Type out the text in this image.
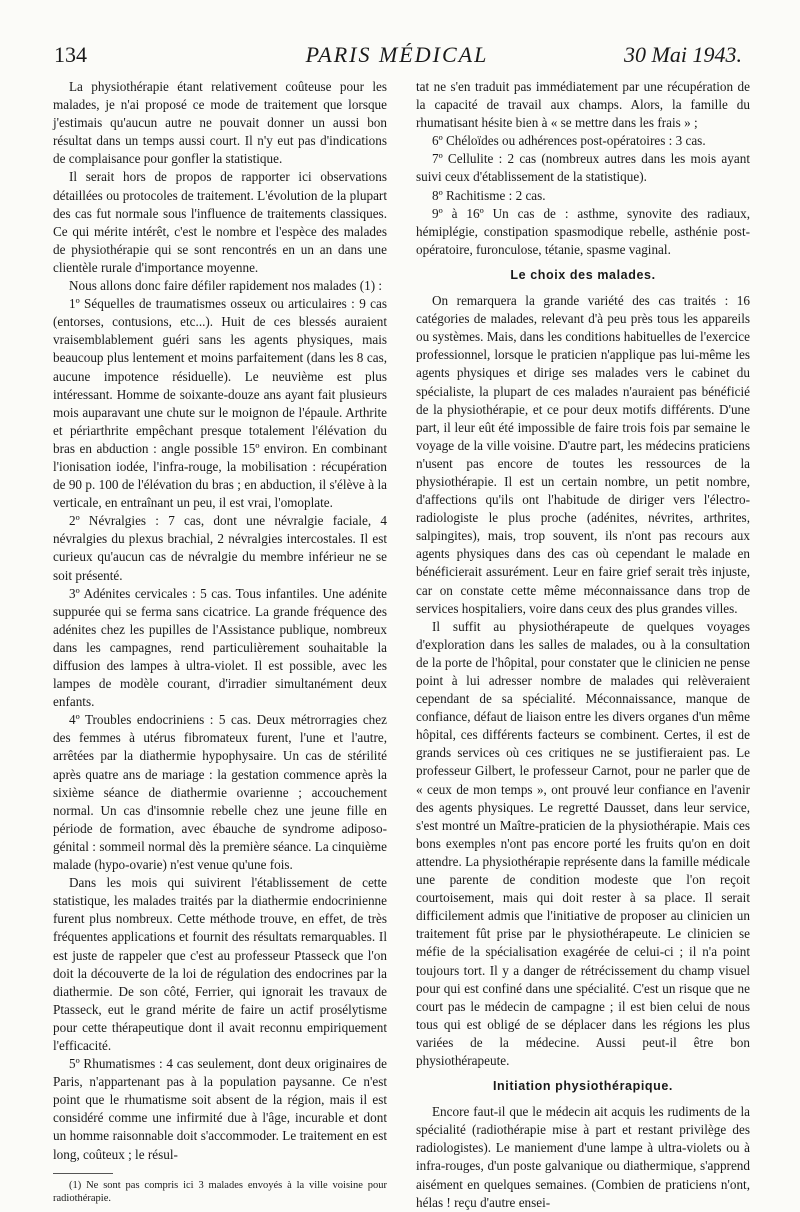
134	PARIS MÉDICAL	30 Mai 1943.

La physiothérapie étant relativement coûteuse pour les malades, je n'ai proposé ce mode de traitement que lorsque j'estimais qu'aucun autre ne pouvait donner un aussi bon résultat dans un temps aussi court. Il n'y eut pas d'indications de complaisance pour gonfler la statistique.

Il serait hors de propos de rapporter ici observations détaillées ou protocoles de traitement. L'évolution de la plupart des cas fut normale sous l'influence de traitements classiques. Ce qui mérite intérêt, c'est le nombre et l'espèce des malades de physiothérapie qui se sont rencontrés en un an dans une clientèle rurale d'importance moyenne.

Nous allons donc faire défiler rapidement nos malades (1) :

1º Séquelles de traumatismes osseux ou articulaires : 9 cas (entorses, contusions, etc...). Huit de ces blessés auraient vraisemblablement guéri sans les agents physiques, mais beaucoup plus lentement et moins parfaitement (dans les 8 cas, aucune impotence résiduelle). Le neuvième est plus intéressant. Homme de soixante-douze ans ayant fait plusieurs mois auparavant une chute sur le moignon de l'épaule. Arthrite et périarthrite empêchant presque totalement l'élévation du bras en abduction : angle possible 15º environ. En combinant l'ionisation iodée, l'infra-rouge, la mobilisation : récupération de 90 p. 100 de l'élévation du bras ; en abduction, il s'élève à la verticale, en entraînant un peu, il est vrai, l'omoplate.

2º Névralgies : 7 cas, dont une névralgie faciale, 4 névralgies du plexus brachial, 2 névralgies intercostales. Il est curieux qu'aucun cas de névralgie du membre inférieur ne se soit présenté.

3º Adénites cervicales : 5 cas. Tous infantiles. Une adénite suppurée qui se ferma sans cicatrice. La grande fréquence des adénites chez les pupilles de l'Assistance publique, nombreux dans les campagnes, rend particulièrement souhaitable la diffusion des lampes à ultra-violet. Il est possible, avec les lampes de modèle courant, d'irradier simultanément deux enfants.

4º Troubles endocriniens : 5 cas. Deux métrorragies chez des femmes à utérus fibromateux furent, l'une et l'autre, arrêtées par la diathermie hypophysaire. Un cas de stérilité après quatre ans de mariage : la gestation commence après la sixième séance de diathermie ovarienne ; accouchement normal. Un cas d'insomnie rebelle chez une jeune fille en période de formation, avec ébauche de syndrome adiposo-génital : sommeil normal dès la première séance. La cinquième malade (hypo-ovarie) n'est venue qu'une fois.

Dans les mois qui suivirent l'établissement de cette statistique, les malades traités par la diathermie endocrinienne furent plus nombreux. Cette méthode trouve, en effet, de très fréquentes applications et fournit des résultats remarquables. Il est juste de rappeler que c'est au professeur Ptasseck que l'on doit la découverte de la loi de régulation des endocrines par la diathermie. De son côté, Ferrier, qui ignorait les travaux de Ptasseck, eut le grand mérite de faire un actif prosélytisme pour cette thérapeutique dont il avait reconnu empiriquement l'efficacité.

5º Rhumatismes : 4 cas seulement, dont deux originaires de Paris, n'appartenant pas à la population paysanne. Ce n'est point que le rhumatisme soit absent de la région, mais il est considéré comme une infirmité due à l'âge, incurable et dont un homme raisonnable doit s'accommoder. Le traitement en est long, coûteux ; le résul-

(1) Ne sont pas compris ici 3 malades envoyés à la ville voisine pour radiothérapie.

tat ne s'en traduit pas immédiatement par une récupération de la capacité de travail aux champs. Alors, la famille du rhumatisant hésite bien à « se mettre dans les frais » ;

6º Chéloïdes ou adhérences post-opératoires : 3 cas.

7º Cellulite : 2 cas (nombreux autres dans les mois ayant suivi ceux d'établissement de la statistique).

8º Rachitisme : 2 cas.

9º à 16º Un cas de : asthme, synovite des radiaux, hémiplégie, constipation spasmodique rebelle, asthénie post-opératoire, furonculose, tétanie, spasme vaginal.

Le choix des malades.

On remarquera la grande variété des cas traités : 16 catégories de malades, relevant d'à peu près tous les appareils ou systèmes. Mais, dans les conditions habituelles de l'exercice professionnel, lorsque le praticien n'applique pas lui-même les agents physiques et dirige ses malades vers le cabinet du spécialiste, la plupart de ces malades n'auraient pas bénéficié de la physiothérapie, et ce pour deux motifs différents. D'une part, il leur eût été impossible de faire trois fois par semaine le voyage de la ville voisine. D'autre part, les médecins praticiens n'usent pas encore de toutes les ressources de la physiothérapie. Il est un certain nombre, un petit nombre, d'affections qu'ils ont l'habitude de diriger vers l'électro-radiologiste le plus proche (adénites, névrites, arthrites, salpingites), mais, trop souvent, ils n'ont pas recours aux agents physiques dans des cas où cependant le malade en bénéficierait assurément. Leur en faire grief serait très injuste, car on constate cette même méconnaissance dans trop de services hospitaliers, voire dans ceux des plus grandes villes.

Il suffit au physiothérapeute de quelques voyages d'exploration dans les salles de malades, ou à la consultation de la porte de l'hôpital, pour constater que le clinicien ne pense point à lui adresser nombre de malades qui relèveraient cependant de sa spécialité. Méconnaissance, manque de confiance, défaut de liaison entre les divers organes d'un même hôpital, ces différents facteurs se combinent. Certes, il est de grands services où ces critiques ne se justifieraient pas. Le professeur Gilbert, le professeur Carnot, pour ne parler que de « ceux de mon temps », ont prouvé leur confiance en l'avenir des agents physiques. Le regretté Dausset, dans leur service, s'est montré un Maître-praticien de la physiothérapie. Mais ces bons exemples n'ont pas encore porté les fruits qu'on en doit attendre. La physiothérapie représente dans la famille médicale une parente de condition modeste que l'on reçoit courtoisement, mais qui doit rester à sa place. Il serait difficilement admis que l'initiative de proposer au clinicien un traitement fût prise par le physiothérapeute. Le clinicien se méfie de la spécialisation exagérée de celui-ci ; il n'a point toujours tort. Il y a danger de rétrécissement du champ visuel pour qui est confiné dans une spécialité. C'est un risque que ne court pas le médecin de campagne ; il est bien celui de nous tous qui est obligé de se déplacer dans les régions les plus variées de la médecine. Aussi peut-il être bon physiothérapeute.

Initiation physiothérapique.

Encore faut-il que le médecin ait acquis les rudiments de la spécialité (radiothérapie mise à part et restant privilège des radiologistes). Le maniement d'une lampe à ultra-violets ou à infra-rouges, d'un poste galvanique ou diathermique, s'apprend aisément en quelques semaines. (Combien de praticiens n'ont, hélas ! reçu d'autre ensei-
